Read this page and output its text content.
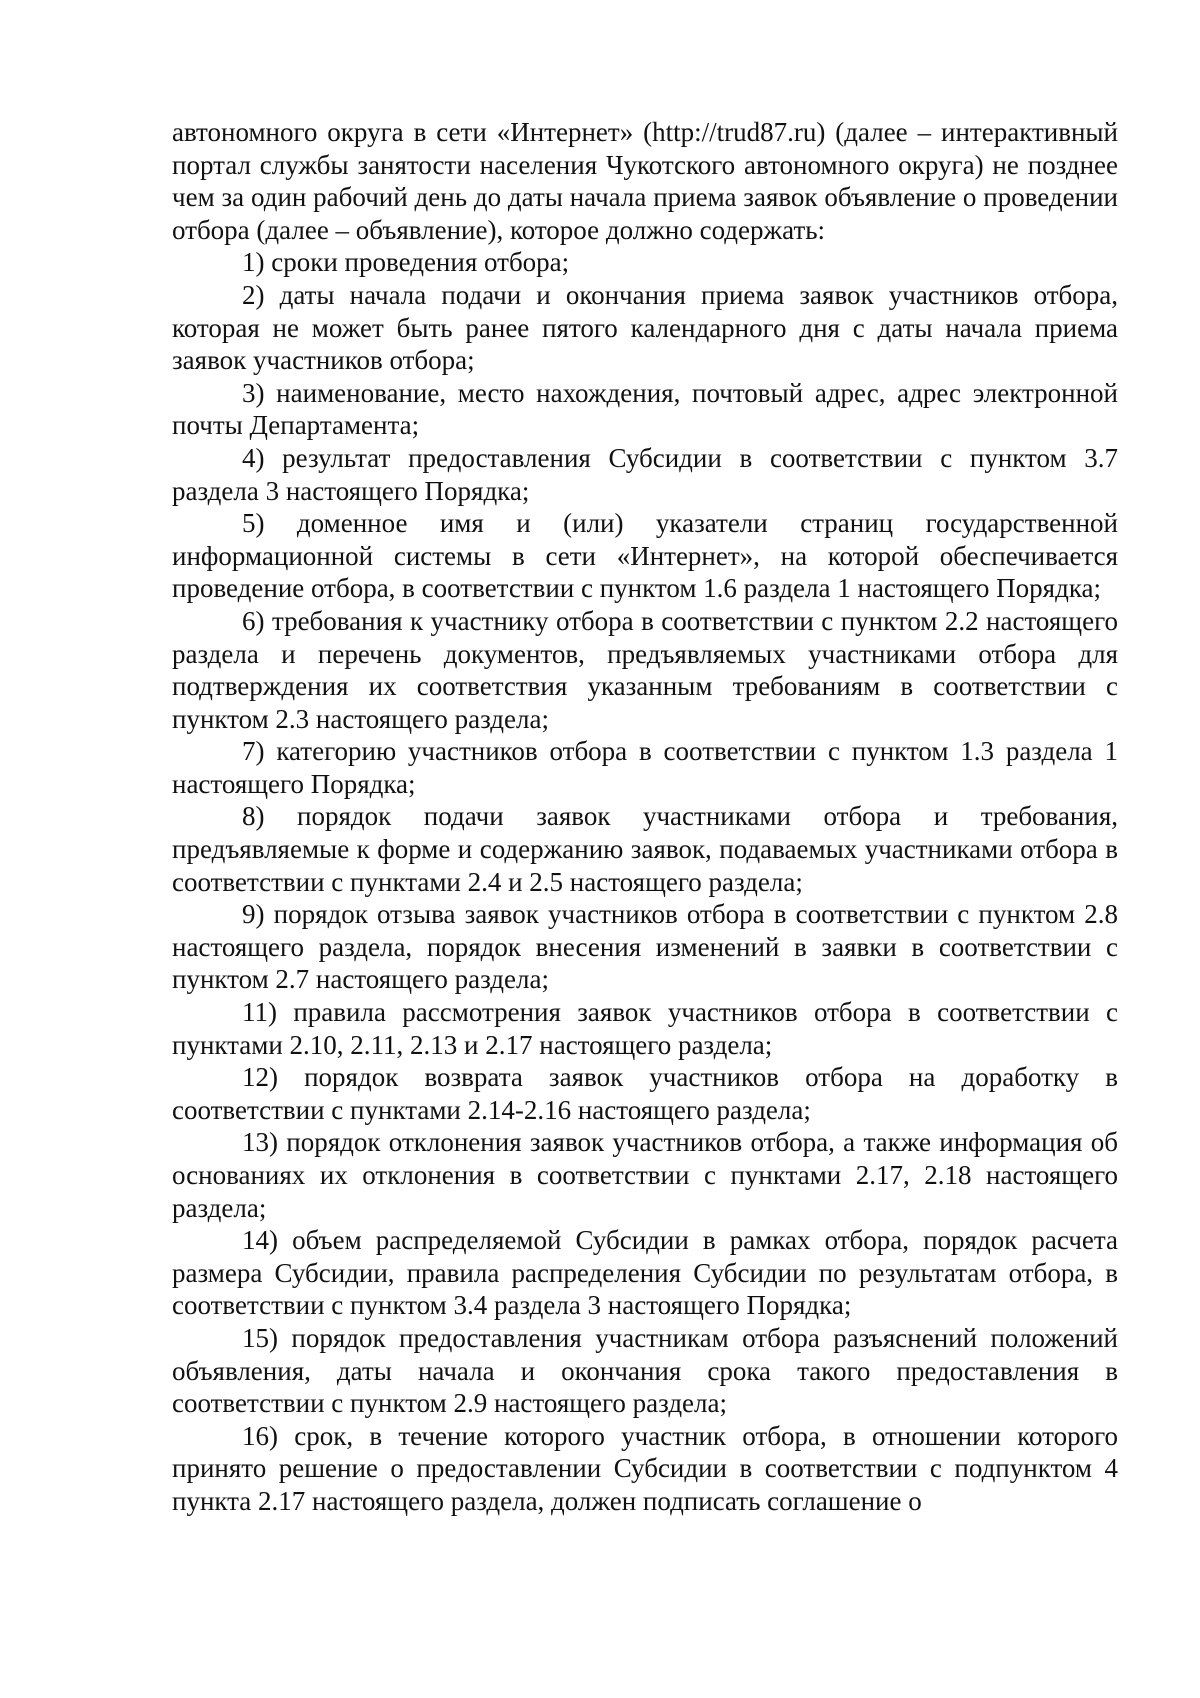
автономного округа в сети «Интернет» (http://trud87.ru) (далее – интерактивный портал службы занятости населения Чукотского автономного округа) не позднее чем за один рабочий день до даты начала приема заявок объявление о проведении отбора (далее – объявление), которое должно содержать:

1) сроки проведения отбора;

2) даты начала подачи и окончания приема заявок участников отбора, которая не может быть ранее пятого календарного дня с даты начала приема заявок участников отбора;

3) наименование, место нахождения, почтовый адрес, адрес электронной почты Департамента;

4) результат предоставления Субсидии в соответствии с пунктом 3.7 раздела 3 настоящего Порядка;

5) доменное имя и (или) указатели страниц государственной информационной системы в сети «Интернет», на которой обеспечивается проведение отбора, в соответствии с пунктом 1.6 раздела 1 настоящего Порядка;

6) требования к участнику отбора в соответствии с пунктом 2.2 настоящего раздела и перечень документов, предъявляемых участниками отбора для подтверждения их соответствия указанным требованиям в соответствии с пунктом 2.3 настоящего раздела;

7) категорию участников отбора в соответствии с пунктом 1.3 раздела 1 настоящего Порядка;

8) порядок подачи заявок участниками отбора и требования, предъявляемые к форме и содержанию заявок, подаваемых участниками отбора в соответствии с пунктами 2.4 и 2.5 настоящего раздела;

9) порядок отзыва заявок участников отбора в соответствии с пунктом 2.8 настоящего раздела, порядок внесения изменений в заявки в соответствии с пунктом 2.7 настоящего раздела;

11) правила рассмотрения заявок участников отбора в соответствии с пунктами 2.10, 2.11, 2.13 и 2.17 настоящего раздела;

12) порядок возврата заявок участников отбора на доработку в соответствии с пунктами 2.14-2.16 настоящего раздела;

13) порядок отклонения заявок участников отбора, а также информация об основаниях их отклонения в соответствии с пунктами 2.17, 2.18 настоящего раздела;

14) объем распределяемой Субсидии в рамках отбора, порядок расчета размера Субсидии, правила распределения Субсидии по результатам отбора, в соответствии с пунктом 3.4 раздела 3 настоящего Порядка;

15) порядок предоставления участникам отбора разъяснений положений объявления, даты начала и окончания срока такого предоставления в соответствии с пунктом 2.9 настоящего раздела;

16) срок, в течение которого участник отбора, в отношении которого принято решение о предоставлении Субсидии в соответствии с подпунктом 4 пункта 2.17 настоящего раздела, должен подписать соглашение о
